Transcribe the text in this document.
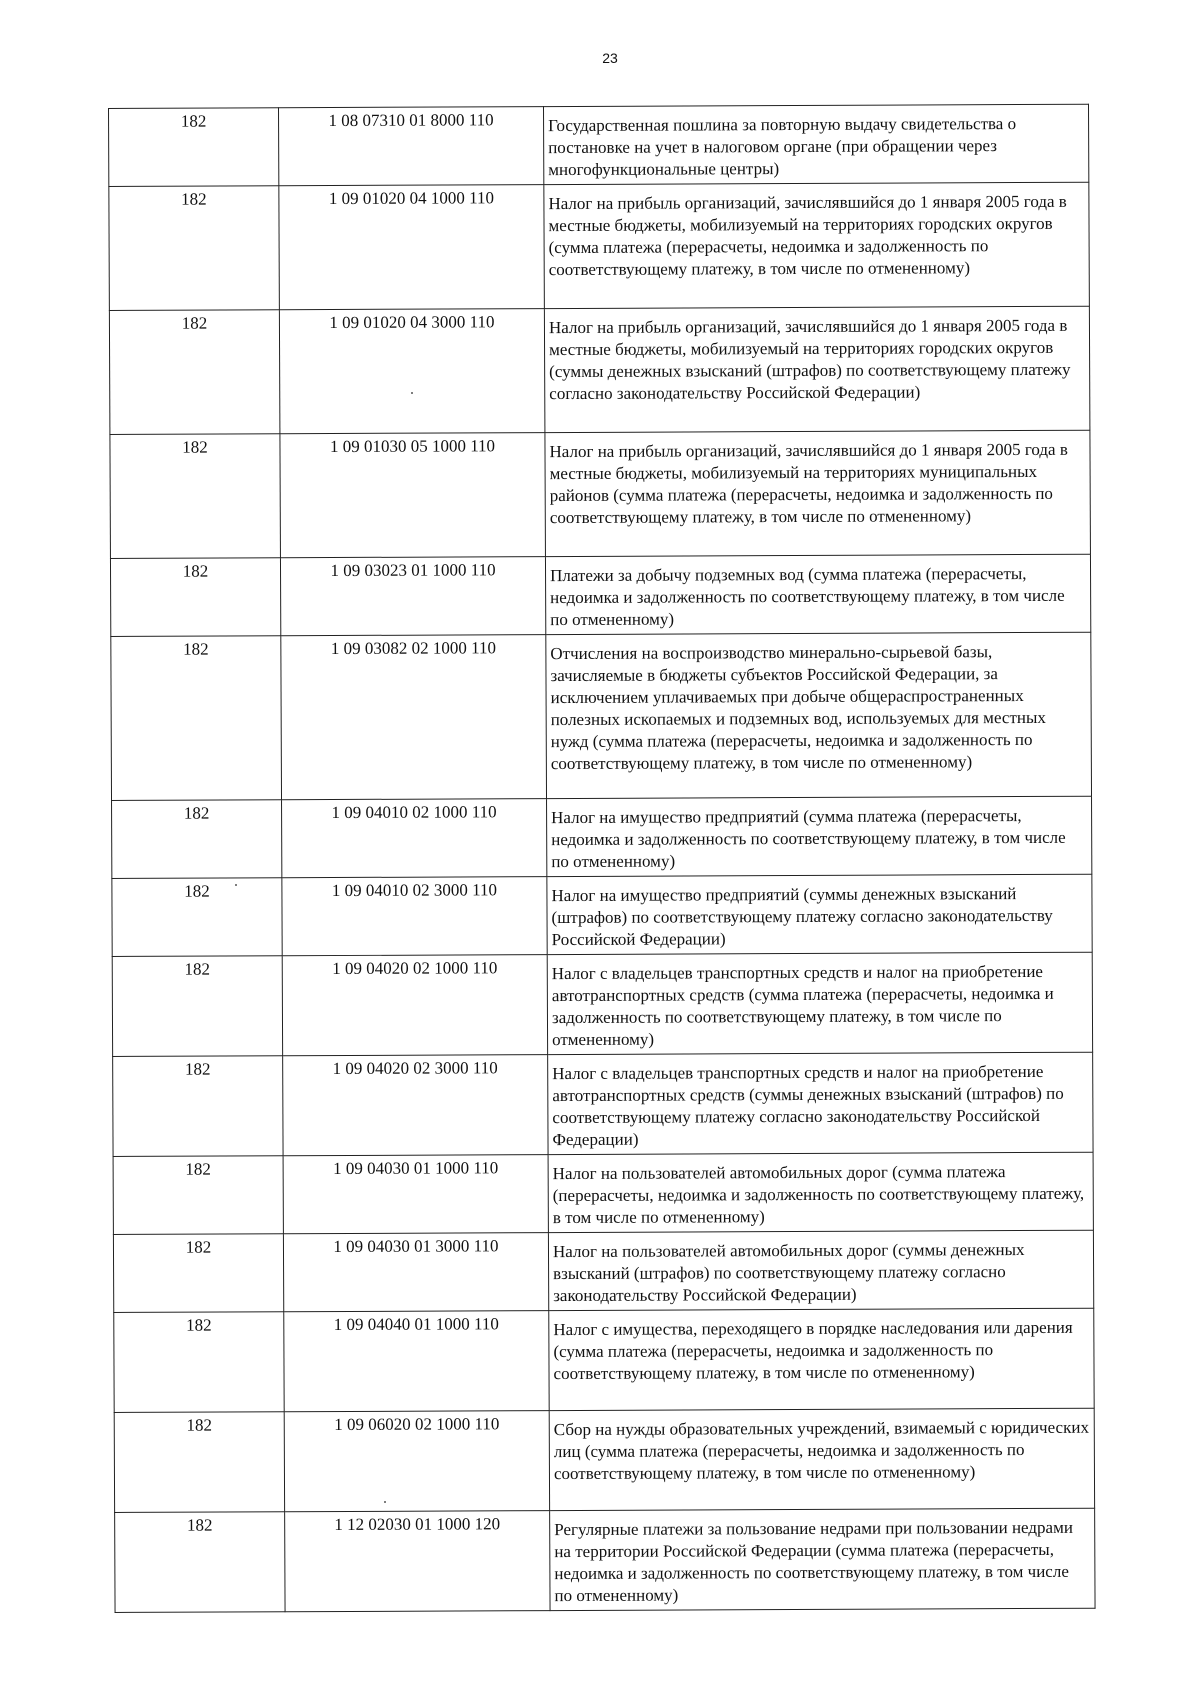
23
182	1 08 07310 01 8000 110	Государственная пошлина за повторную выдачу свидетельства о постановке на учет в налоговом органе (при обращении через многофункциональные центры)
182	1 09 01020 04 1000 110	Налог на прибыль организаций, зачислявшийся до 1 января 2005 года в местные бюджеты, мобилизуемый на территориях городских округов (сумма платежа (перерасчеты, недоимка и задолженность по соответствующему платежу, в том числе по отмененному)
182	1 09 01020 04 3000 110	Налог на прибыль организаций, зачислявшийся до 1 января 2005 года в местные бюджеты, мобилизуемый на территориях городских округов (суммы денежных взысканий (штрафов) по соответствующему платежу согласно законодательству Российской Федерации)
182	1 09 01030 05 1000 110	Налог на прибыль организаций, зачислявшийся до 1 января 2005 года в местные бюджеты, мобилизуемый на территориях муниципальных районов (сумма платежа (перерасчеты, недоимка и задолженность по соответствующему платежу, в том числе по отмененному)
182	1 09 03023 01 1000 110	Платежи за добычу подземных вод (сумма платежа (перерасчеты, недоимка и задолженность по соответствующему платежу, в том числе по отмененному)
182	1 09 03082 02 1000 110	Отчисления на воспроизводство минерально-сырьевой базы, зачисляемые в бюджеты субъектов Российской Федерации, за исключением уплачиваемых при добыче общераспространенных полезных ископаемых и подземных вод, используемых для местных нужд (сумма платежа (перерасчеты, недоимка и задолженность по соответствующему платежу, в том числе по отмененному)
182	1 09 04010 02 1000 110	Налог на имущество предприятий (сумма платежа (перерасчеты, недоимка и задолженность по соответствующему платежу, в том числе по отмененному)
182	1 09 04010 02 3000 110	Налог на имущество предприятий (суммы денежных взысканий (штрафов) по соответствующему платежу согласно законодательству Российской Федерации)
182	1 09 04020 02 1000 110	Налог с владельцев транспортных средств и налог на приобретение автотранспортных средств (сумма платежа (перерасчеты, недоимка и задолженность по соответствующему платежу, в том числе по отмененному)
182	1 09 04020 02 3000 110	Налог с владельцев транспортных средств и налог на приобретение автотранспортных средств (суммы денежных взысканий (штрафов) по соответствующему платежу согласно законодательству Российской Федерации)
182	1 09 04030 01 1000 110	Налог на пользователей автомобильных дорог (сумма платежа (перерасчеты, недоимка и задолженность по соответствующему платежу, в том числе по отмененному)
182	1 09 04030 01 3000 110	Налог на пользователей автомобильных дорог (суммы денежных взысканий (штрафов) по соответствующему платежу согласно законодательству Российской Федерации)
182	1 09 04040 01 1000 110	Налог с имущества, переходящего в порядке наследования или дарения (сумма платежа (перерасчеты, недоимка и задолженность по соответствующему платежу, в том числе по отмененному)
182	1 09 06020 02 1000 110	Сбор на нужды образовательных учреждений, взимаемый с юридических лиц (сумма платежа (перерасчеты, недоимка и задолженность по соответствующему платежу, в том числе по отмененному)
182	1 12 02030 01 1000 120	Регулярные платежи за пользование недрами при пользовании недрами на территории Российской Федерации (сумма платежа (перерасчеты, недоимка и задолженность по соответствующему платежу, в том числе по отмененному)
